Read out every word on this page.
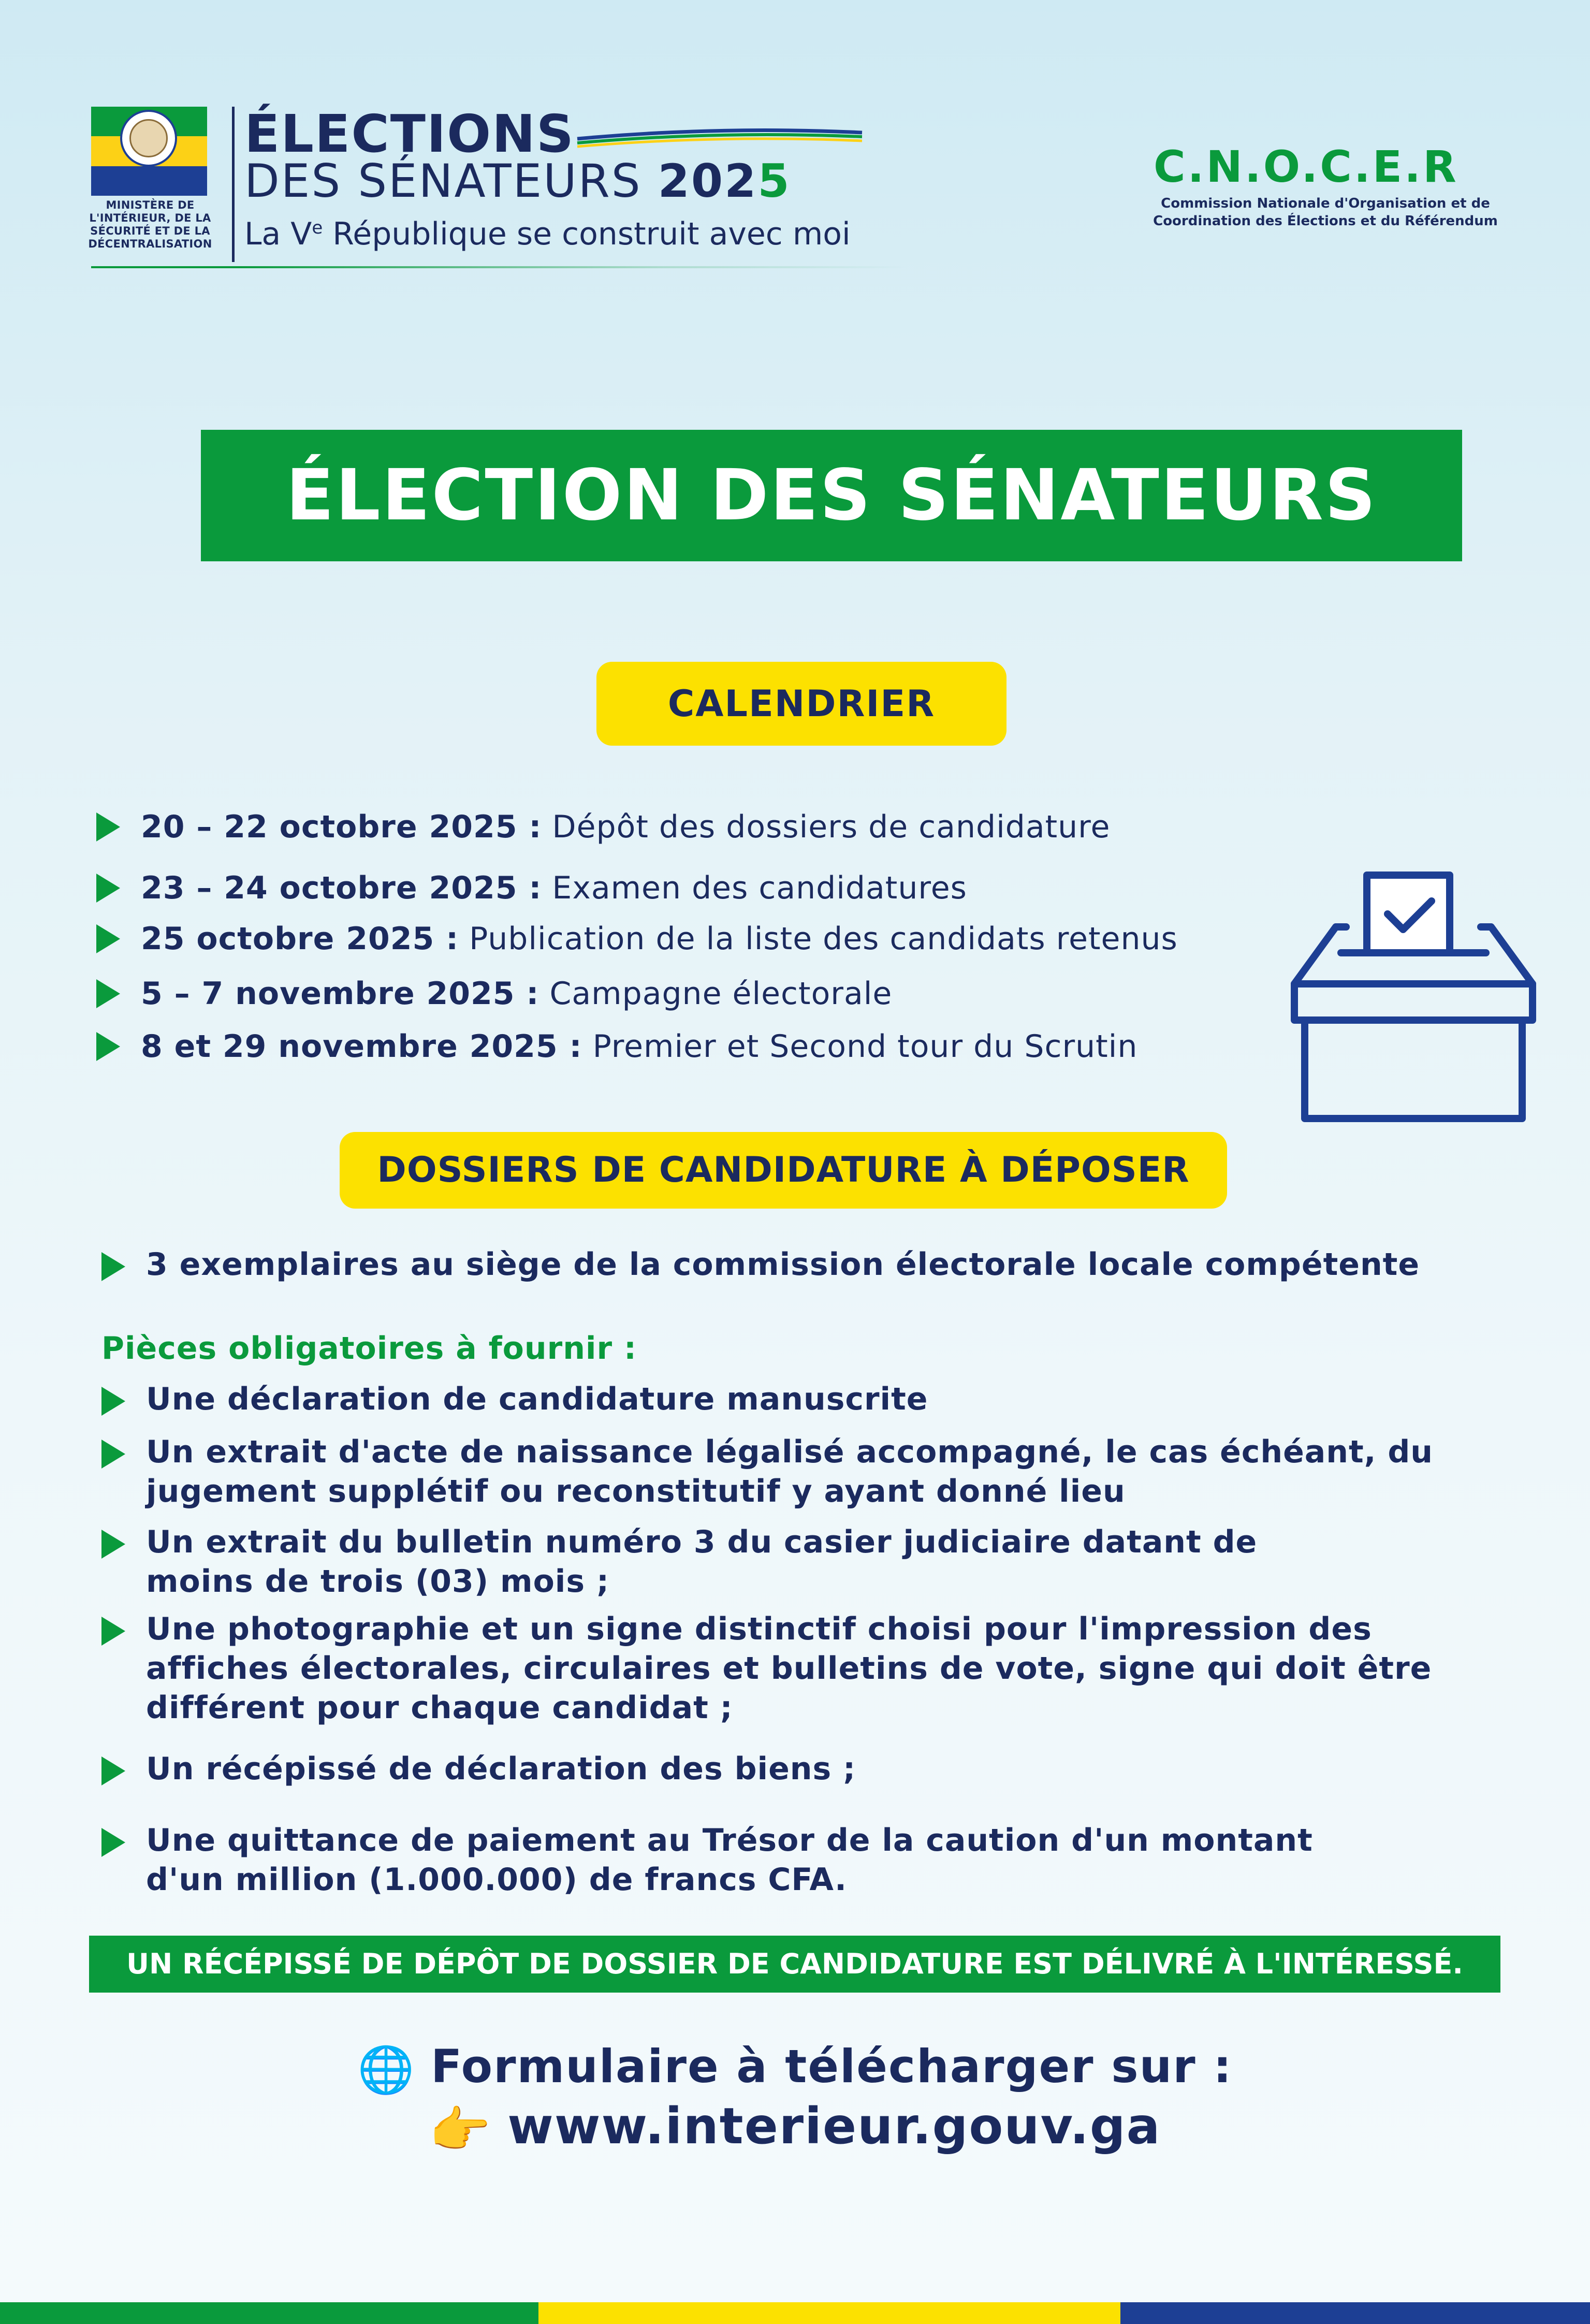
MINISTÈRE DE L'INTÉRIEUR, DE LA SÉCURITÉ ET DE LA DÉCENTRALISATION
ÉLECTIONS
DES SÉNATEURS 2025
La Ve République se construit avec moi
C.N.O.C.E.R
Commission Nationale d'Organisation et de Coordination des Élections et du Référendum
ÉLECTION DES SÉNATEURS
CALENDRIER
20 – 22 octobre 2025 : Dépôt des dossiers de candidature
23 – 24 octobre 2025 : Examen des candidatures
25 octobre 2025 : Publication de la liste des candidats retenus
5 – 7 novembre 2025 : Campagne électorale
8 et 29 novembre 2025 : Premier et Second tour du Scrutin
DOSSIERS DE CANDIDATURE À DÉPOSER
3 exemplaires au siège de la commission électorale locale compétente
Pièces obligatoires à fournir :
Une déclaration de candidature manuscrite
Un extrait d'acte de naissance légalisé accompagné, le cas échéant, du
jugement supplétif ou reconstitutif y ayant donné lieu
Un extrait du bulletin numéro 3 du casier judiciaire datant de
moins de trois (03) mois ;
Une photographie et un signe distinctif choisi pour l'impression des
affiches électorales, circulaires et bulletins de vote, signe qui doit être
différent pour chaque candidat ;
Un récépissé de déclaration des biens ;
Une quittance de paiement au Trésor de la caution d'un montant
d'un million (1.000.000) de francs CFA.
UN RÉCÉPISSÉ DE DÉPÔT DE DOSSIER DE CANDIDATURE EST DÉLIVRÉ À L'INTÉRESSÉ.
🌐 Formulaire à télécharger sur :
👉 www.interieur.gouv.ga
